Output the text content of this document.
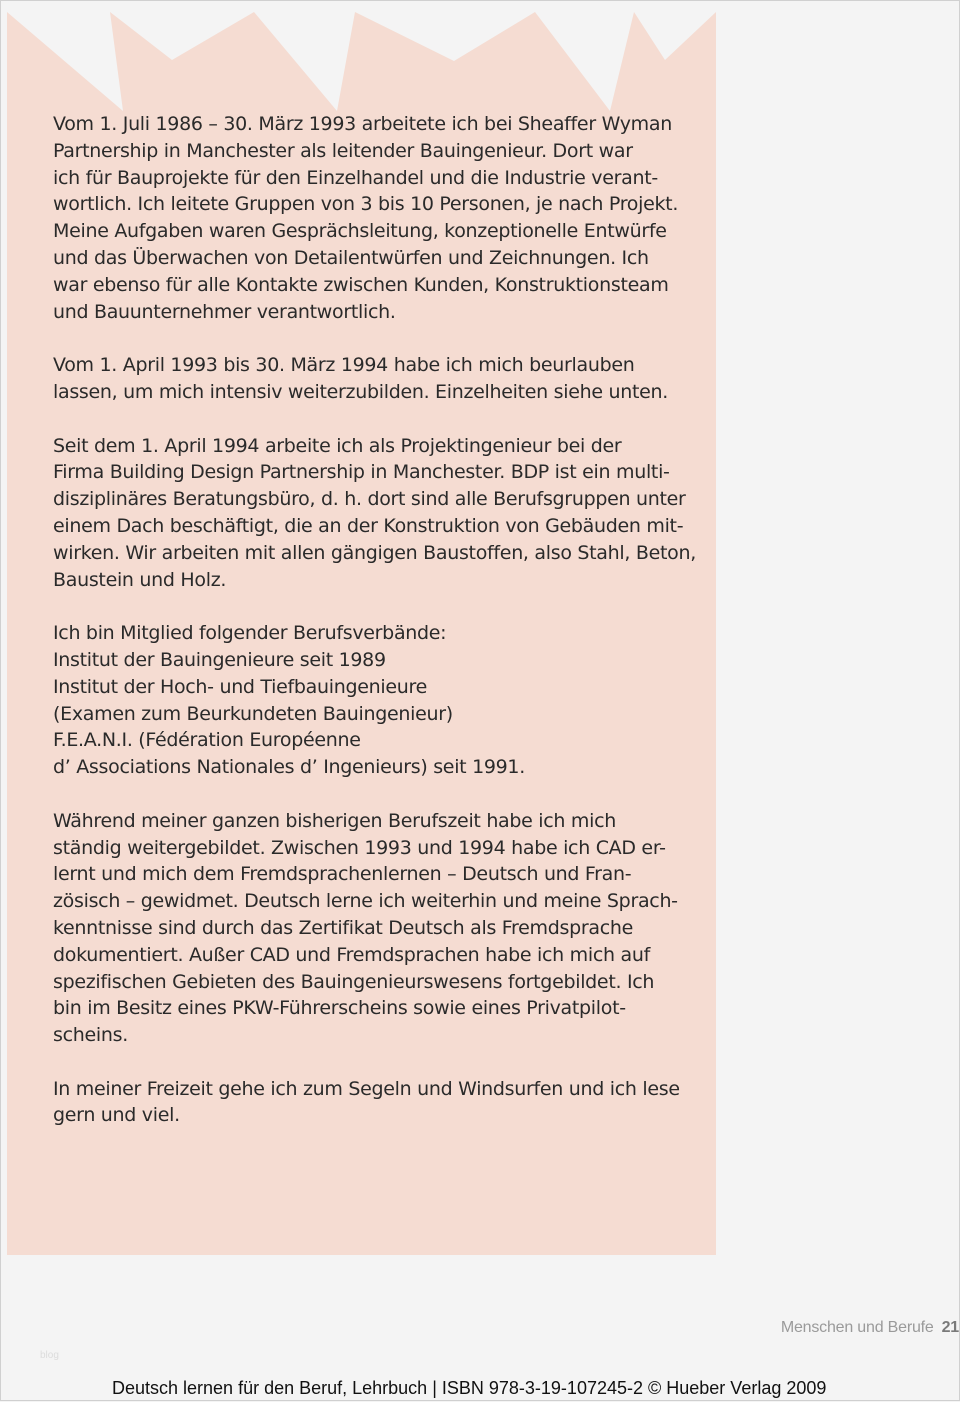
Vom 1. Juli 1986 – 30. März 1993 arbeitete ich bei Sheaffer Wyman
Partnership in Manchester als leitender Bauingenieur. Dort war
ich für Bauprojekte für den Einzelhandel und die Industrie verant-
wortlich. Ich leitete Gruppen von 3 bis 10 Personen, je nach Projekt.
Meine Aufgaben waren Gesprächsleitung, konzeptionelle Entwürfe
und das Überwachen von Detailentwürfen und Zeichnungen. Ich
war ebenso für alle Kontakte zwischen Kunden, Konstruktionsteam
und Bauunternehmer verantwortlich.
Vom 1. April 1993 bis 30. März 1994 habe ich mich beurlauben
lassen, um mich intensiv weiterzubilden. Einzelheiten siehe unten.
Seit dem 1. April 1994 arbeite ich als Projektingenieur bei der
Firma Building Design Partnership in Manchester. BDP ist ein multi-
disziplinäres Beratungsbüro, d. h. dort sind alle Berufsgruppen unter
einem Dach beschäftigt, die an der Konstruktion von Gebäuden mit-
wirken. Wir arbeiten mit allen gängigen Baustoffen, also Stahl, Beton,
Baustein und Holz.
Ich bin Mitglied folgender Berufsverbände:
Institut der Bauingenieure seit 1989
Institut der Hoch- und Tiefbauingenieure
(Examen zum Beurkundeten Bauingenieur)
F.E.A.N.I. (Fédération Européenne
d’ Associations Nationales d’ Ingenieurs) seit 1991.
Während meiner ganzen bisherigen Berufszeit habe ich mich
ständig weitergebildet. Zwischen 1993 und 1994 habe ich CAD er-
lernt und mich dem Fremdsprachenlernen – Deutsch und Fran-
zösisch – gewidmet. Deutsch lerne ich weiterhin und meine Sprach-
kenntnisse sind durch das Zertifikat Deutsch als Fremdsprache
dokumentiert. Außer CAD und Fremdsprachen habe ich mich auf
spezifischen Gebieten des Bauingenieurswesens fortgebildet. Ich
bin im Besitz eines PKW-Führerscheins sowie eines Privatpilot-
scheins.
In meiner Freizeit gehe ich zum Segeln und Windsurfen und ich lese
gern und viel.
Menschen und Berufe 21
blog
Deutsch lernen für den Beruf, Lehrbuch | ISBN 978-3-19-107245-2 © Hueber Verlag 2009
